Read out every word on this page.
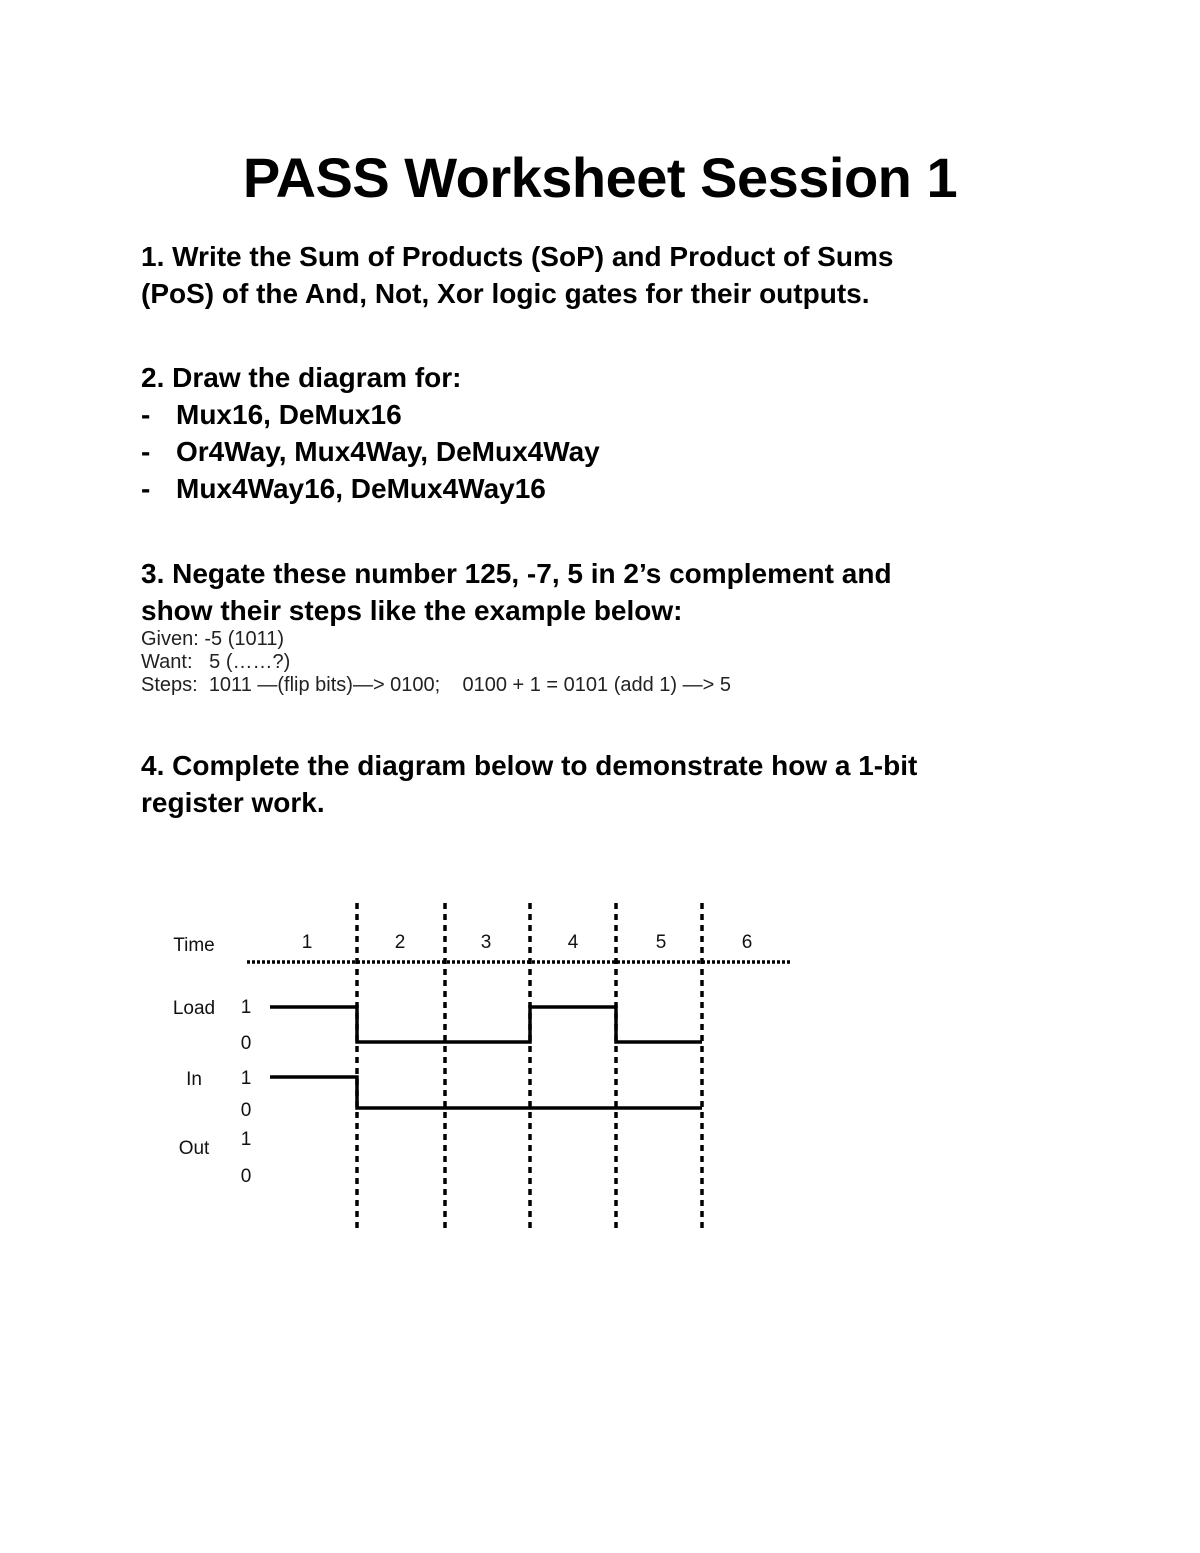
PASS Worksheet Session 1

1. Write the Sum of Products (SoP) and Product of Sums

(PoS) of the And, Not, Xor logic gates for their outputs.

2. Draw the diagram for:

- Mux16, DeMux16
- Or4Way, Mux4Way, DeMux4Way
- Mux4Way16, DeMux4Way16

3. Negate these number 125, -7, 5 in 2’s complement and

show their steps like the example below:

Given: -5 (1011)

Want:   5 (……?)

Steps:  1011 —(flip bits)—> 0100;    0100 + 1 = 0101 (add 1) —> 5

4. Complete the diagram below to demonstrate how a 1-bit

register work.

Time	1	2	3	4	5	6
Load 1
0
In 1
0
Out 1
0
